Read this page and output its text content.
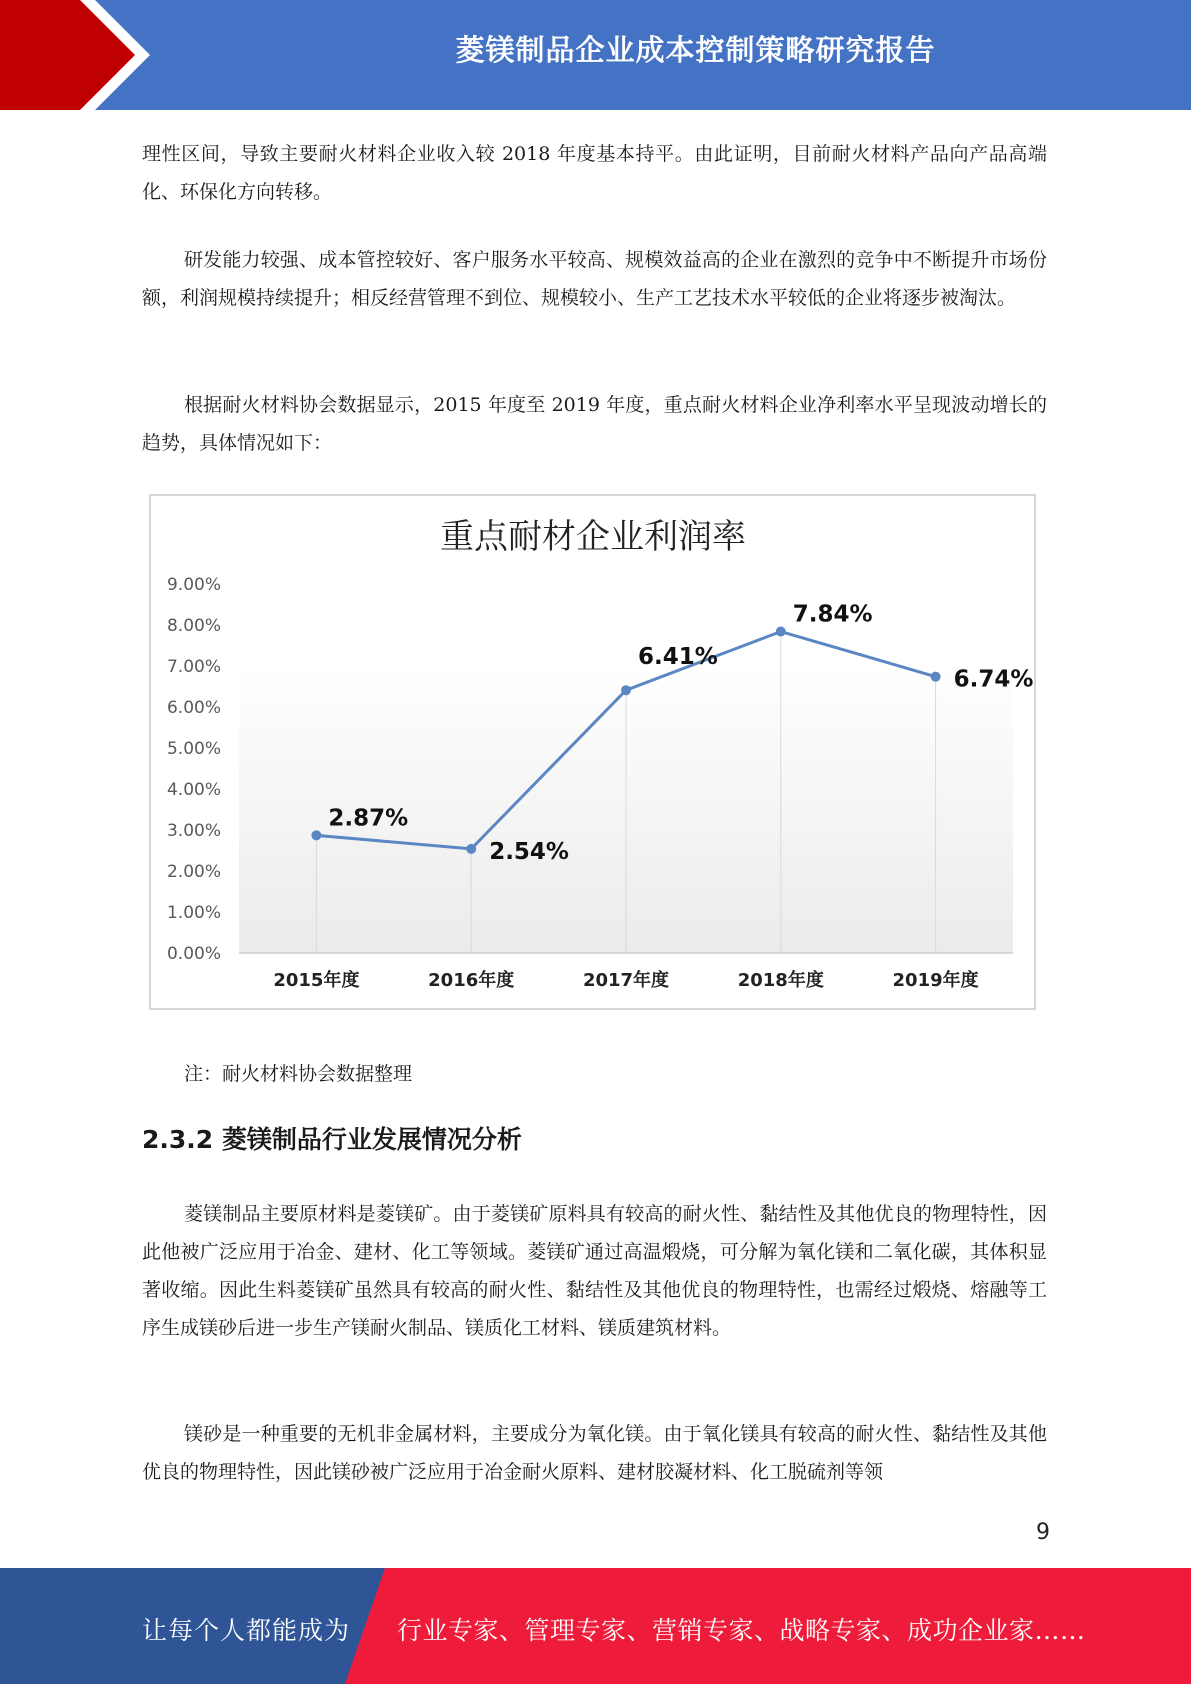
菱镁制品企业成本控制策略研究报告

理性区间，导致主要耐火材料企业收入较 2018 年度基本持平。由此证明，目前耐火材料产品向产品高端化、环保化方向转移。

研发能力较强、成本管控较好、客户服务水平较高、规模效益高的企业在激烈的竞争中不断提升市场份额，利润规模持续提升；相反经营管理不到位、规模较小、生产工艺技术水平较低的企业将逐步被淘汰。

根据耐火材料协会数据显示，2015 年度至 2019 年度，重点耐火材料企业净利率水平呈现波动增长的趋势，具体情况如下：

重点耐材企业利润率
0.00%
1.00%
2.00%
3.00%
4.00%
5.00%
6.00%
7.00%
8.00%
9.00%
2015年度	2016年度	2017年度	2018年度	2019年度
2.87%
2.54%
6.41%
7.84%
6.74%
注：耐火材料协会数据整理
2.3.2 菱镁制品行业发展情况分析

菱镁制品主要原材料是菱镁矿。由于菱镁矿原料具有较高的耐火性、黏结性及其他优良的物理特性，因此他被广泛应用于冶金、建材、化工等领域。菱镁矿通过高温煅烧，可分解为氧化镁和二氧化碳，其体积显著收缩。因此生料菱镁矿虽然具有较高的耐火性、黏结性及其他优良的物理特性，也需经过煅烧、熔融等工序生成镁砂后进一步生产镁耐火制品、镁质化工材料、镁质建筑材料。

镁砂是一种重要的无机非金属材料，主要成分为氧化镁。由于氧化镁具有较高的耐火性、黏结性及其他优良的物理特性，因此镁砂被广泛应用于冶金耐火原料、建材胶凝材料、化工脱硫剂等领

9
让每个人都能成为 行业专家、管理专家、营销专家、战略专家、成功企业家……
